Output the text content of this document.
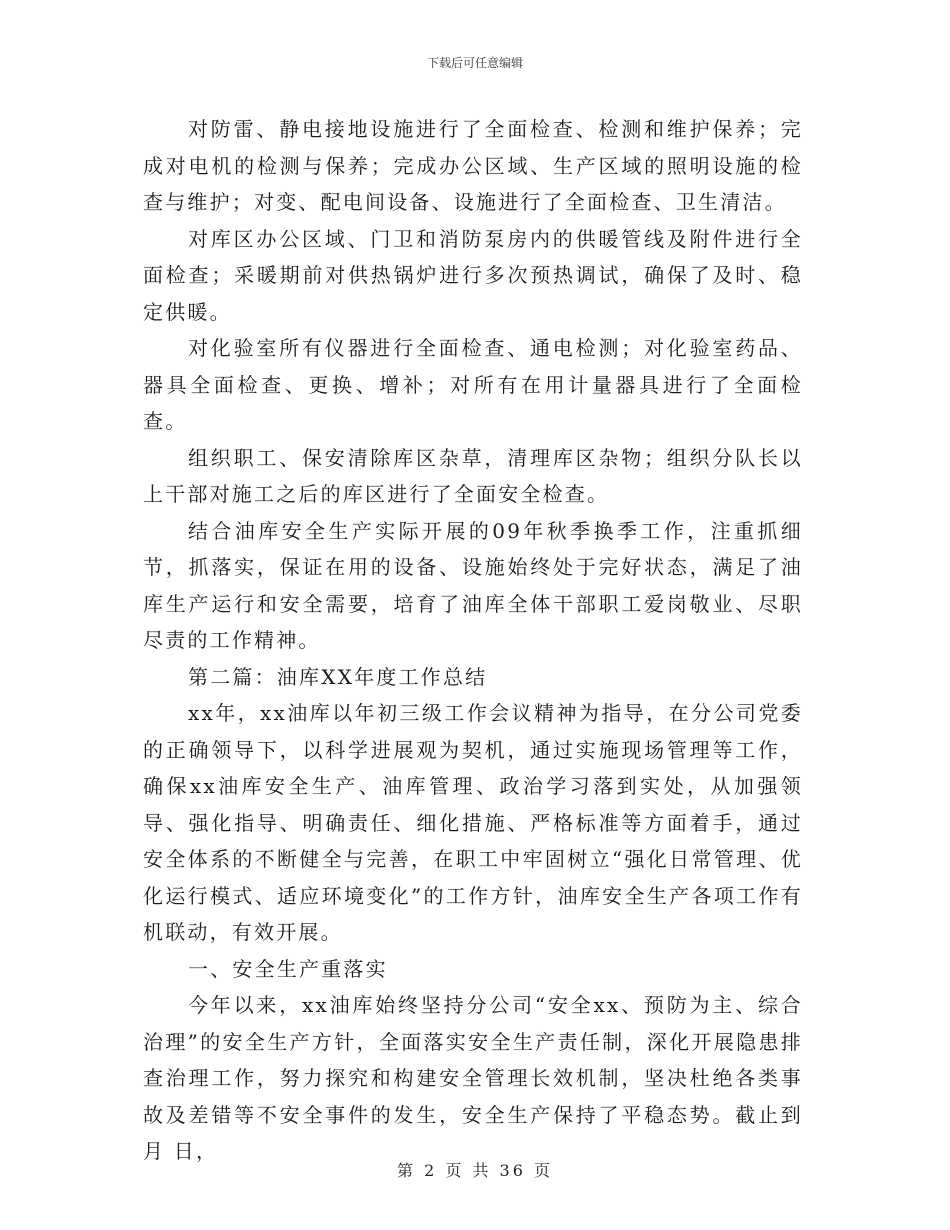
下载后可任意编辑

对防雷、静电接地设施进行了全面检查、检测和维护保养；完成对电机的检测与保养；完成办公区域、生产区域的照明设施的检查与维护；对变、配电间设备、设施进行了全面检查、卫生清洁。

对库区办公区域、门卫和消防泵房内的供暖管线及附件进行全面检查；采暖期前对供热锅炉进行多次预热调试，确保了及时、稳定供暖。

对化验室所有仪器进行全面检查、通电检测；对化验室药品、器具全面检查、更换、增补；对所有在用计量器具进行了全面检查。

组织职工、保安清除库区杂草，清理库区杂物；组织分队长以上干部对施工之后的库区进行了全面安全检查。

结合油库安全生产实际开展的09年秋季换季工作，注重抓细节，抓落实，保证在用的设备、设施始终处于完好状态，满足了油库生产运行和安全需要，培育了油库全体干部职工爱岗敬业、尽职尽责的工作精神。

第二篇：油库XX年度工作总结

xx年，xx油库以年初三级工作会议精神为指导，在分公司党委的正确领导下，以科学进展观为契机，通过实施现场管理等工作，确保xx油库安全生产、油库管理、政治学习落到实处，从加强领导、强化指导、明确责任、细化措施、严格标准等方面着手，通过安全体系的不断健全与完善，在职工中牢固树立“强化日常管理、优化运行模式、适应环境变化”的工作方针，油库安全生产各项工作有机联动，有效开展。

一、安全生产重落实

今年以来，xx油库始终坚持分公司“安全xx、预防为主、综合治理”的安全生产方针，全面落实安全生产责任制，深化开展隐患排查治理工作，努力探究和构建安全管理长效机制，坚决杜绝各类事故及差错等不安全事件的发生，安全生产保持了平稳态势。截止到 月 日，

第 2 页 共 36 页
